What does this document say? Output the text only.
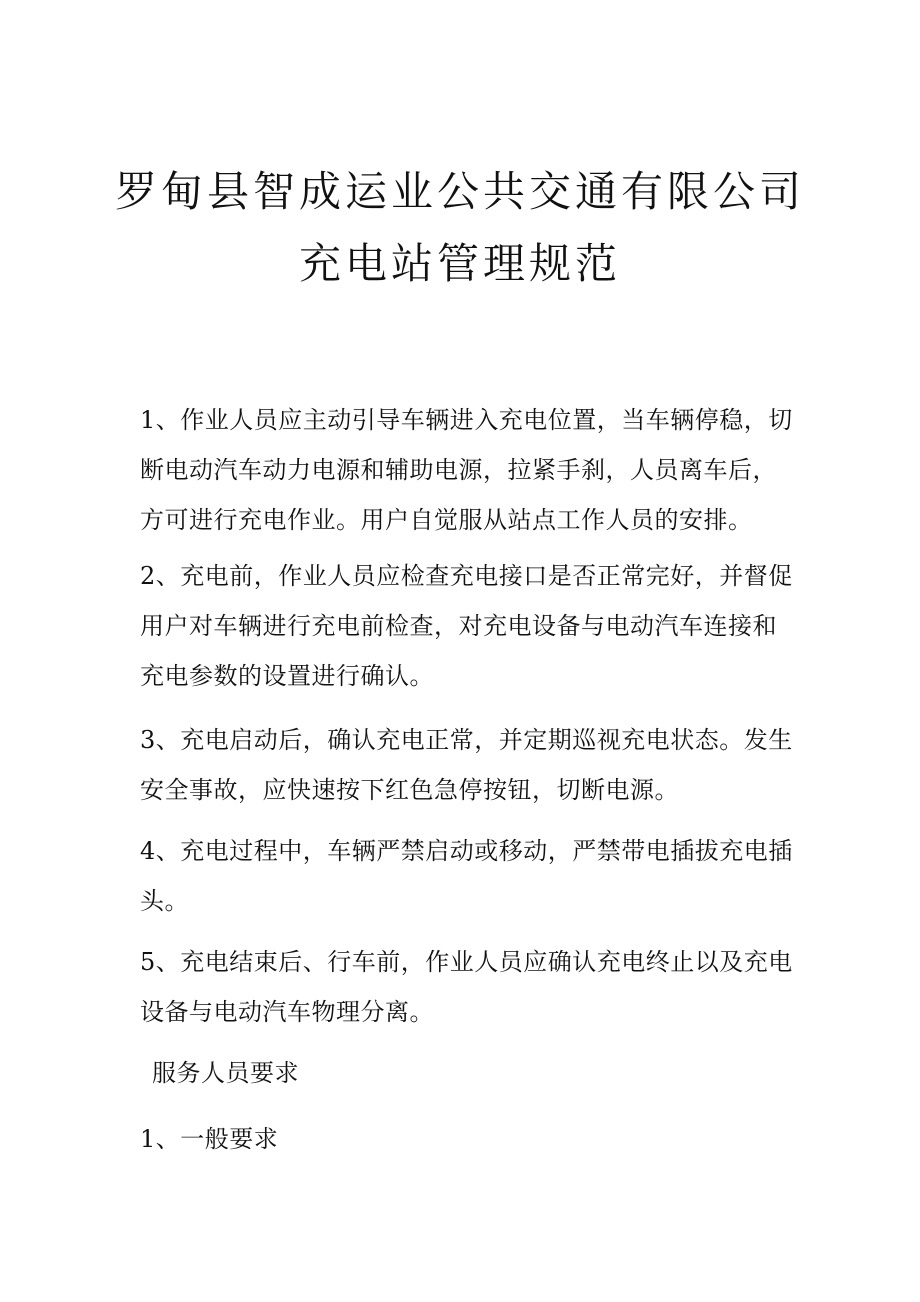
罗甸县智成运业公共交通有限公司
充电站管理规范

1、作业人员应主动引导车辆进入充电位置，当车辆停稳，切断电动汽车动力电源和辅助电源，拉紧手刹，人员离车后，方可进行充电作业。用户自觉服从站点工作人员的安排。

2、充电前，作业人员应检查充电接口是否正常完好，并督促用户对车辆进行充电前检查，对充电设备与电动汽车连接和充电参数的设置进行确认。

3、充电启动后，确认充电正常，并定期巡视充电状态。发生安全事故，应快速按下红色急停按钮，切断电源。

4、充电过程中，车辆严禁启动或移动，严禁带电插拔充电插头。

5、充电结束后、行车前，作业人员应确认充电终止以及充电设备与电动汽车物理分离。

服务人员要求

1、一般要求
